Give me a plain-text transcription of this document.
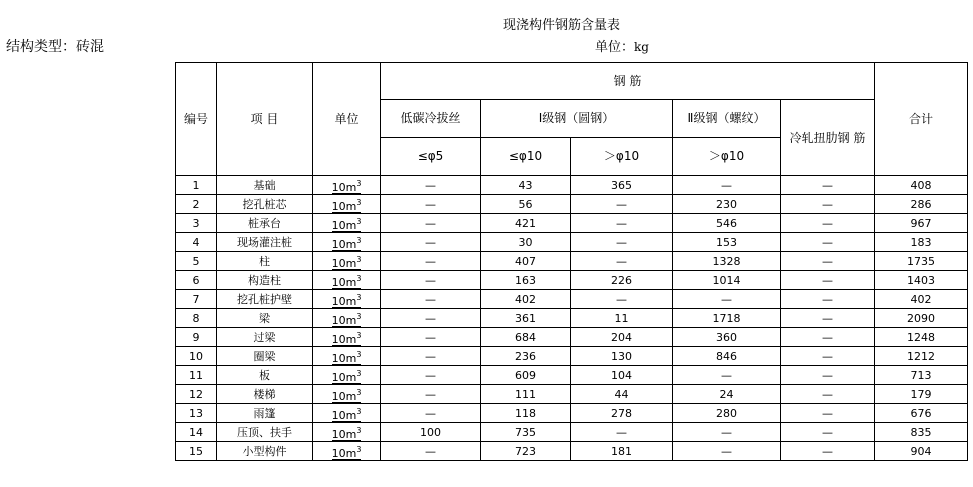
现浇构件钢筋含量表
结构类型：砖混	单位：kg
编号	项 目	单位	钢 筋					合计
			低碳冷拔丝	Ⅰ级钢（圆钢）		Ⅱ级钢（螺纹）	冷轧扭肋钢 筋	
			≤φ5	≤φ10	＞φ10	＞φ10		
1	基础	$10m^3$	—	43	365	—	—	408
2	挖孔桩芯	$10m^3$	—	56	—	230	—	286
3	桩承台	$10m^3$	—	421	—	546	—	967
4	现场灌注桩	$10m^3$	—	30	—	153	—	183
5	柱	$10m^3$	—	407	—	1328	—	1735
6	构造柱	$10m^3$	—	163	226	1014	—	1403
7	挖孔桩护壁	$10m^3$	—	402	—	—	—	402
8	梁	$10m^3$	—	361	11	1718	—	2090
9	过梁	$10m^3$	—	684	204	360	—	1248
10	圈梁	$10m^3$	—	236	130	846	—	1212
11	板	$10m^3$	—	609	104	—	—	713
12	楼梯	$10m^3$	—	111	44	24	—	179
13	雨篷	$10m^3$	—	118	278	280	—	676
14	压顶、扶手	$10m^3$	100	735	—	—	—	835
15	小型构件	$10m^3$	—	723	181	—	—	904
